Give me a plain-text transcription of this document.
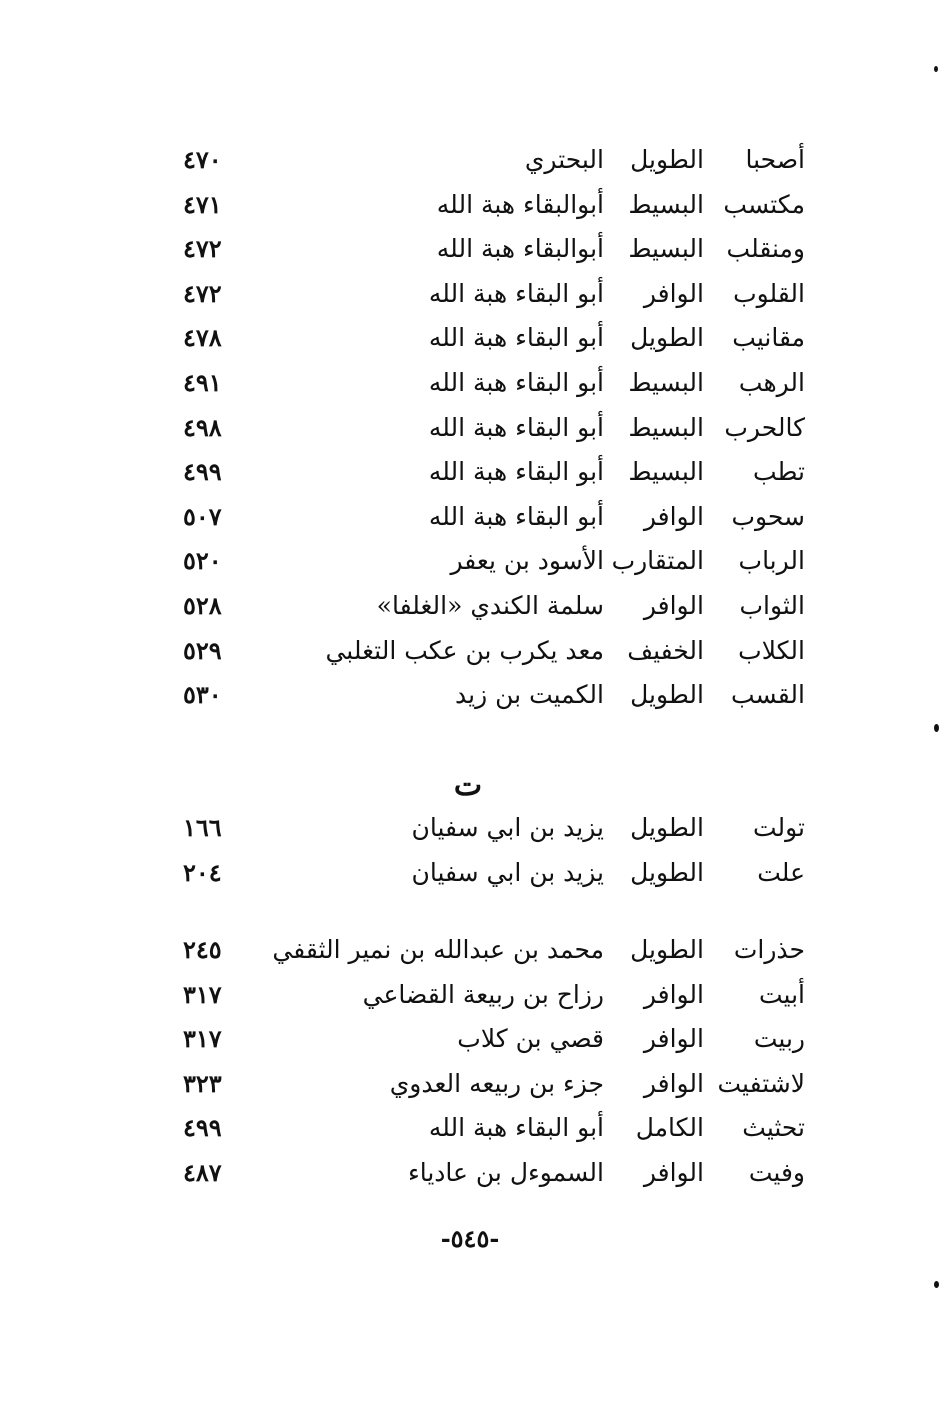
أصحبا
الطويل
البحتري
٤٧٠
مكتسب
البسيط
أبوالبقاء هبة الله
٤٧١
ومنقلب
البسيط
أبوالبقاء هبة الله
٤٧٢
القلوب
الوافر
أبو البقاء هبة الله
٤٧٢
مقانيب
الطويل
أبو البقاء هبة الله
٤٧٨
الرهب
البسيط
أبو البقاء هبة الله
٤٩١
كالحرب
البسيط
أبو البقاء هبة الله
٤٩٨
تطب
البسيط
أبو البقاء هبة الله
٤٩٩
سحوب
الوافر
أبو البقاء هبة الله
٥٠٧
الرباب
المتقارب
الأسود بن يعفر
٥٢٠
الثواب
الوافر
سلمة الكندي «الغلفا»
٥٢٨
الكلاب
الخفيف
معد يكرب بن عكب التغلبي
٥٢٩
القسب
الطويل
الكميت بن زيد
٥٣٠
ت
تولت
الطويل
يزيد بن ابي سفيان
١٦٦
علت
الطويل
يزيد بن ابي سفيان
٢٠٤
حذرات
الطويل
محمد بن عبدالله بن نمير الثقفي
٢٤٥
أبيت
الوافر
رزاح بن ربيعة القضاعي
٣١٧
ربيت
الوافر
قصي بن كلاب
٣١٧
لاشتفيت
الوافر
جزء بن ربيعه العدوي
٣٢٣
تحثيث
الكامل
أبو البقاء هبة الله
٤٩٩
وفيت
الوافر
السموءل بن عادياء
٤٨٧
-٥٤٥-
